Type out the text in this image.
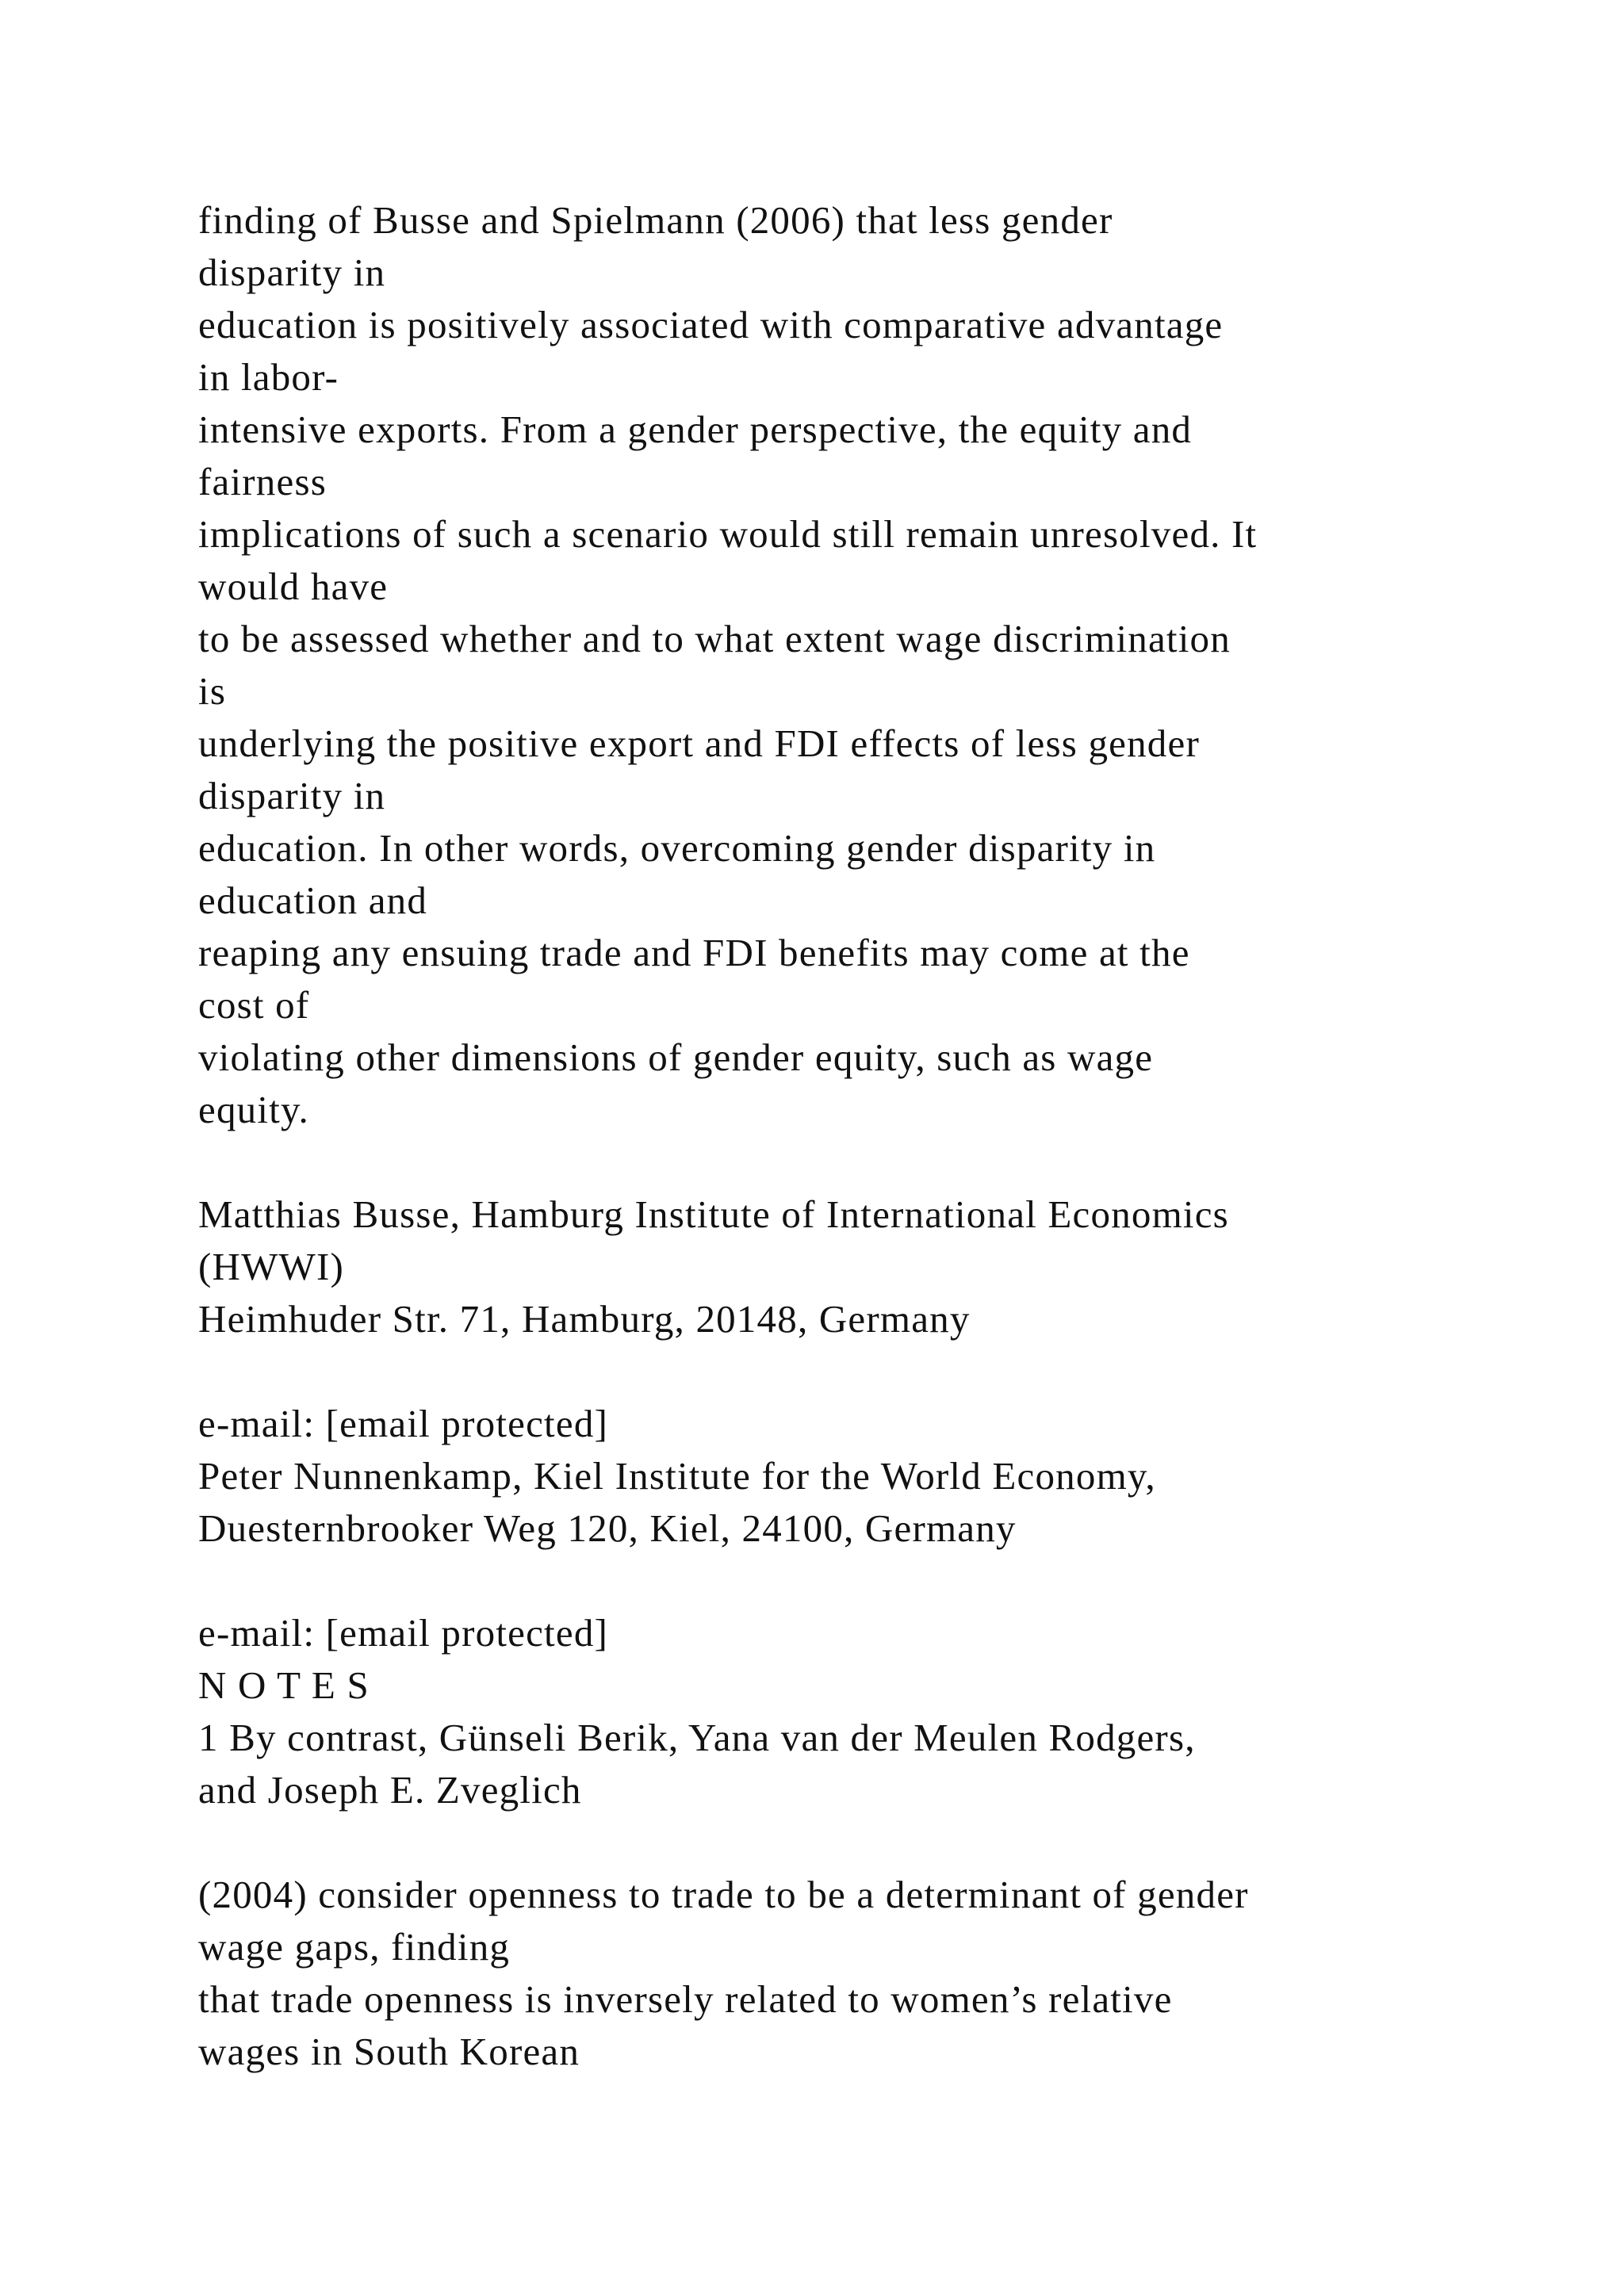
finding of Busse and Spielmann (2006) that less gender
disparity in
education is positively associated with comparative advantage
in labor-
intensive exports. From a gender perspective, the equity and
fairness
implications of such a scenario would still remain unresolved. It
would have
to be assessed whether and to what extent wage discrimination
is
underlying the positive export and FDI effects of less gender
disparity in
education. In other words, overcoming gender disparity in
education and
reaping any ensuing trade and FDI benefits may come at the
cost of
violating other dimensions of gender equity, such as wage
equity.
Matthias Busse, Hamburg Institute of International Economics
(HWWI)
Heimhuder Str. 71, Hamburg, 20148, Germany
e-mail: [email protected]
Peter Nunnenkamp, Kiel Institute for the World Economy,
Duesternbrooker Weg 120, Kiel, 24100, Germany
e-mail: [email protected]
N O T E S
1 By contrast, Günseli Berik, Yana van der Meulen Rodgers,
and Joseph E. Zveglich
(2004) consider openness to trade to be a determinant of gender
wage gaps, finding
that trade openness is inversely related to women’s relative
wages in South Korean
